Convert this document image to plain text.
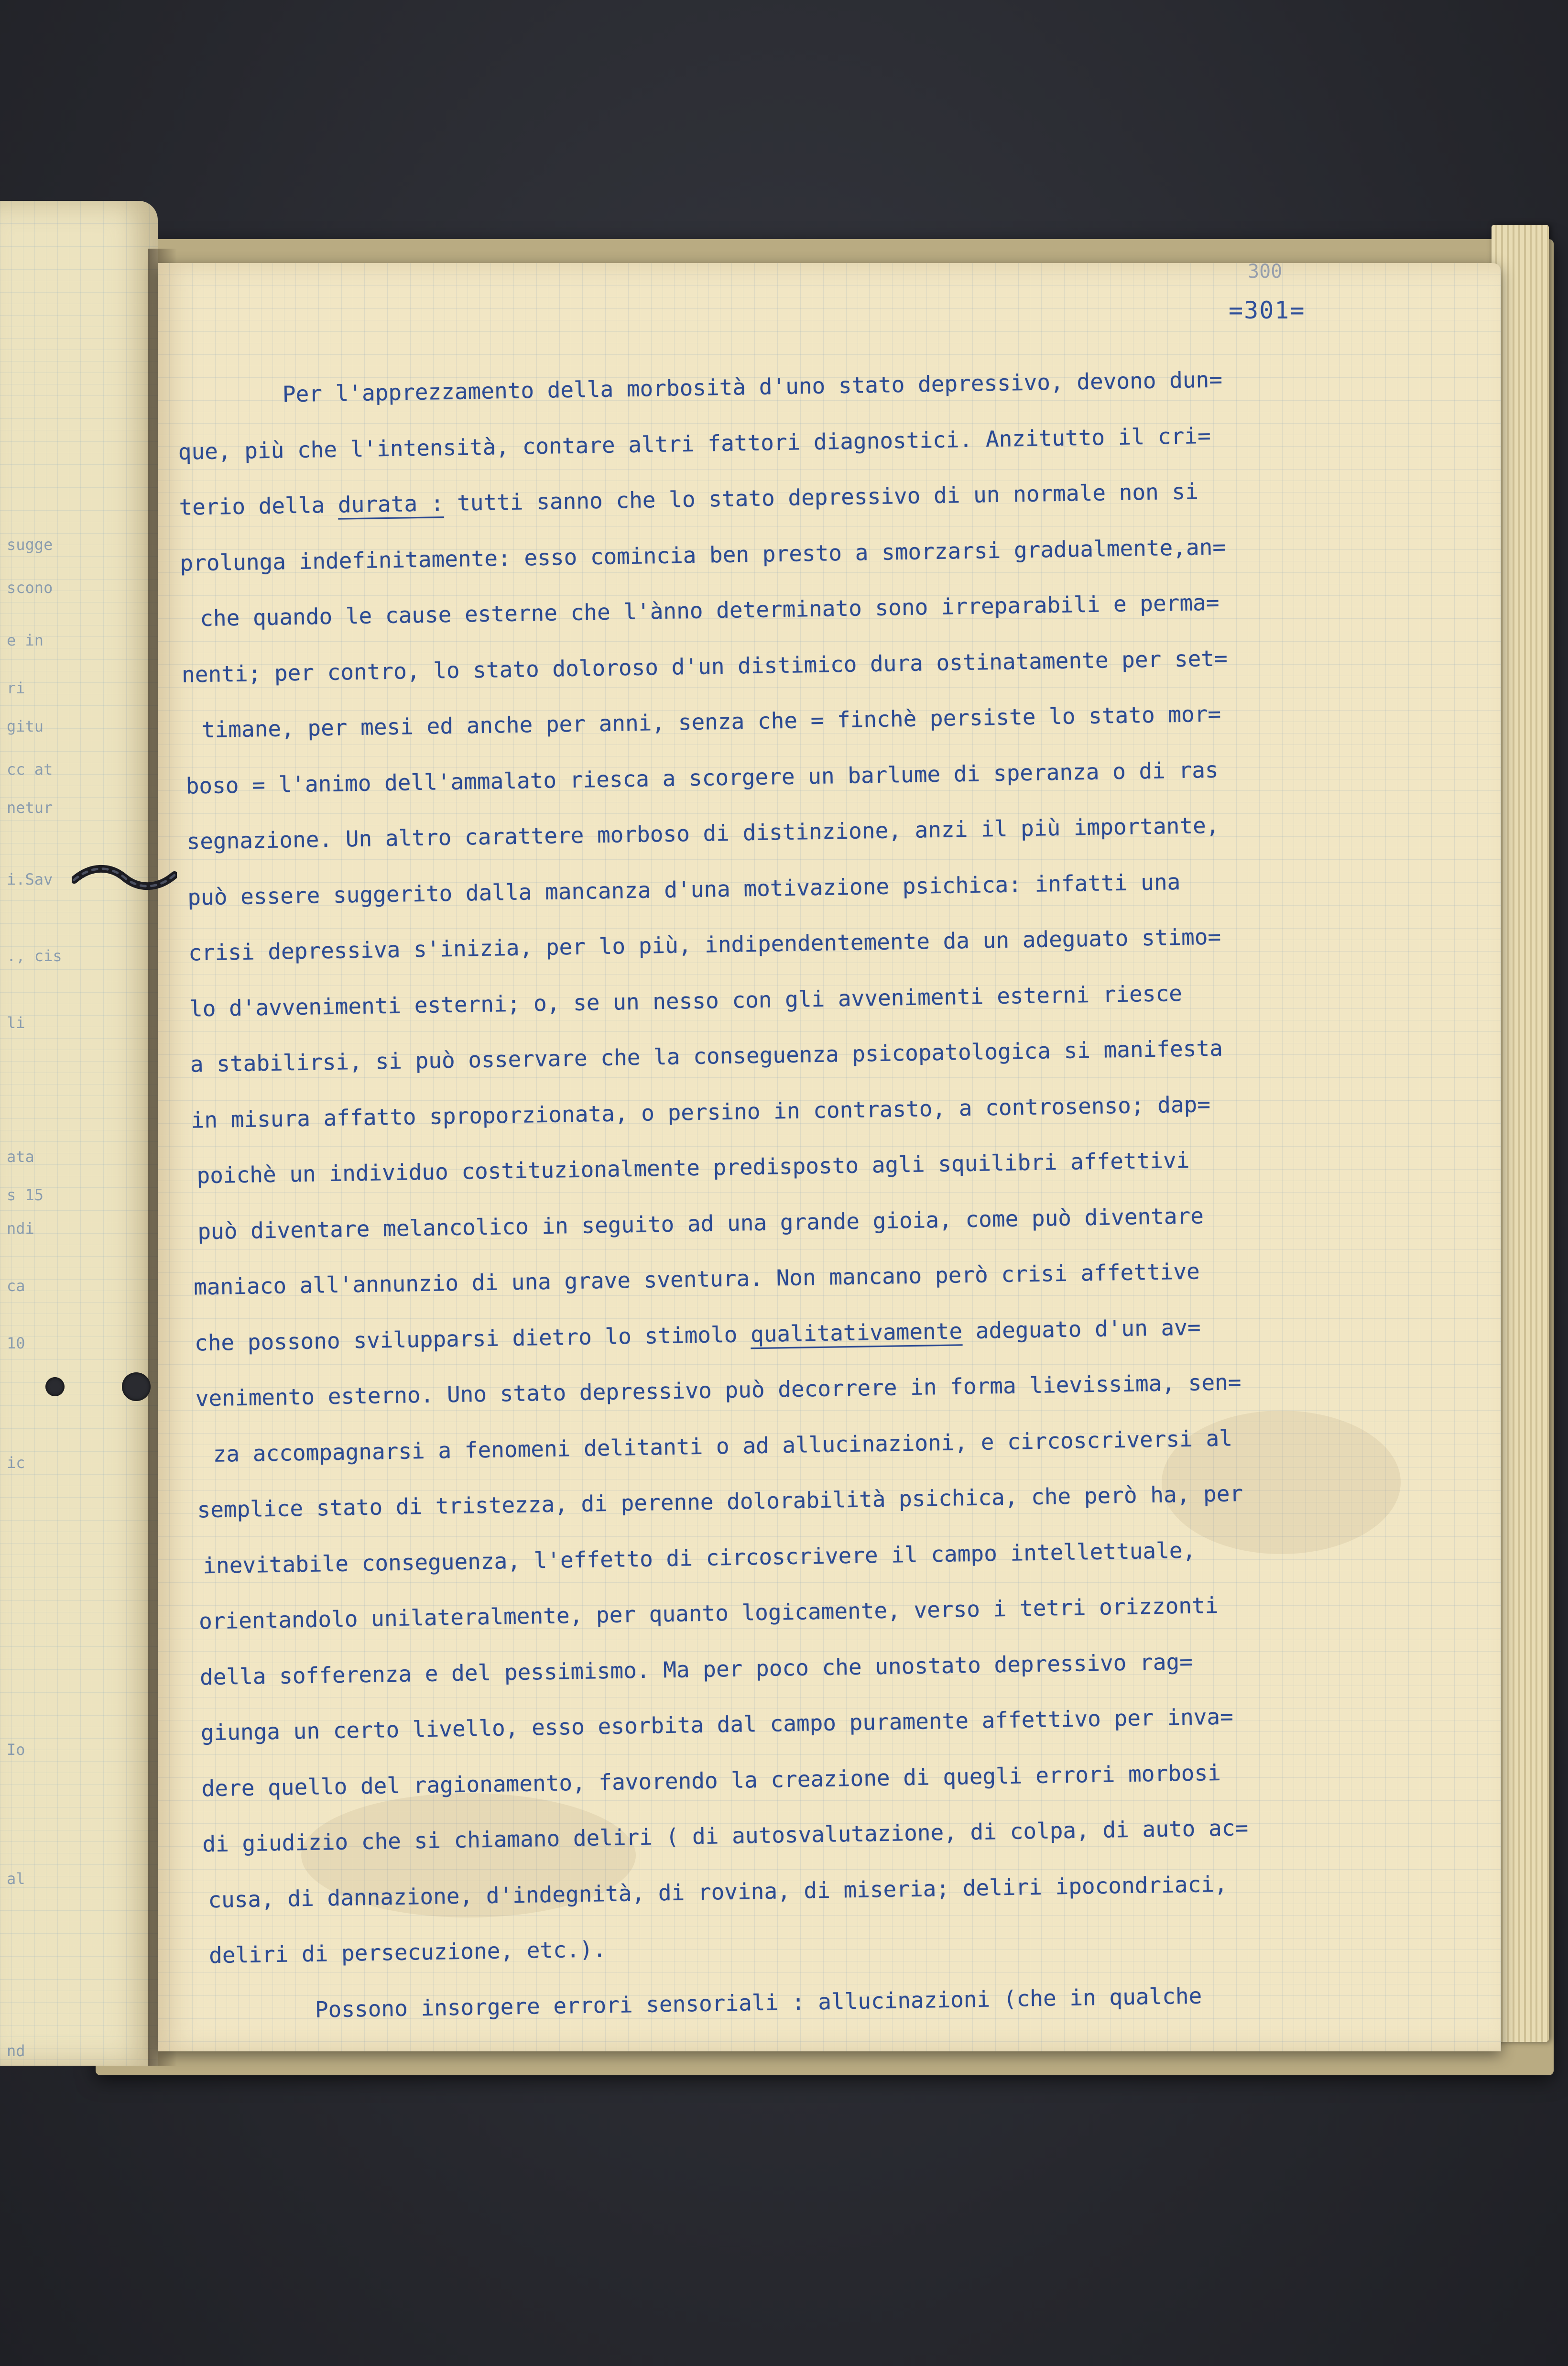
sugge
scono
e in
ri
gitu
cc at
netur
i.Sav
., cis
li
ata
s 15
ndi
ca
10
ic
Io
al
nd
300
=301=
Per l'apprezzamento della morbosità d'uno stato depressivo, devono dun=
que, più che l'intensità, contare altri fattori diagnostici. Anzitutto il cri=
terio della durata : tutti sanno che lo stato depressivo di un normale non si
prolunga indefinitamente: esso comincia ben presto a smorzarsi gradualmente,an=
che quando le cause esterne che l'ànno determinato sono irreparabili e perma=
nenti; per contro, lo stato doloroso d'un distimico dura ostinatamente per set=
timane, per mesi ed anche per anni, senza che = finchè persiste lo stato mor=
boso = l'animo dell'ammalato riesca a scorgere un barlume di speranza o di ras
segnazione. Un altro carattere morboso di distinzione, anzi il più importante,
può essere suggerito dalla mancanza d'una motivazione psichica: infatti una
crisi depressiva s'inizia, per lo più, indipendentemente da un adeguato stimo=
lo d'avvenimenti esterni; o, se un nesso con gli avvenimenti esterni riesce
a stabilirsi, si può osservare che la conseguenza psicopatologica si manifesta
in misura affatto sproporzionata, o persino in contrasto, a controsenso; dap=
poichè un individuo costituzionalmente predisposto agli squilibri affettivi
può diventare melancolico in seguito ad una grande gioia, come può diventare
maniaco all'annunzio di una grave sventura. Non mancano però crisi affettive
che possono svilupparsi dietro lo stimolo qualitativamente adeguato d'un av=
venimento esterno. Uno stato depressivo può decorrere in forma lievissima, sen=
za accompagnarsi a fenomeni delitanti o ad allucinazioni, e circoscriversi al
semplice stato di tristezza, di perenne dolorabilità psichica, che però ha, per
inevitabile conseguenza, l'effetto di circoscrivere il campo intellettuale,
orientandolo unilateralmente, per quanto logicamente, verso i tetri orizzonti
della sofferenza e del pessimismo. Ma per poco che unostato depressivo rag=
giunga un certo livello, esso esorbita dal campo puramente affettivo per inva=
dere quello del ragionamento, favorendo la creazione di quegli errori morbosi
di giudizio che si chiamano deliri ( di autosvalutazione, di colpa, di auto ac=
cusa, di dannazione, d'indegnità, di rovina, di miseria; deliri ipocondriaci,
deliri di persecuzione, etc.).
Possono insorgere errori sensoriali : allucinazioni (che in qualche
